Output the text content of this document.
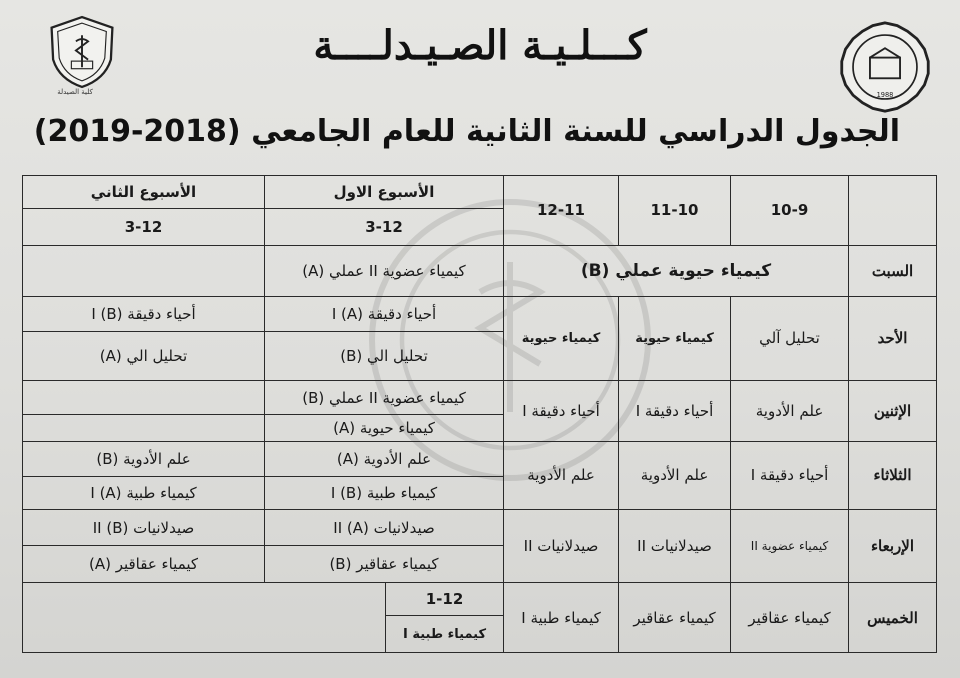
كلية الصيدلة	1988
كـــلـيـة الصـيـدلــــة
الجدول الدراسي للسنة الثانية للعام الجامعي (2018-2019)
	10-9	11-10	12-11	الأسبوع الاول		الأسبوع الثاني
				3-12		3-12
السبت	كيمياء حيوية عملي (B)			كيمياء عضوية II عملي (A)		
الأحد	تحليل آلي	كيمياء حيوية	كيمياء حيوية	أحياء دقيقة I (A)		أحياء دقيقة I (B)
				تحليل الي (B)		تحليل الي (A)
الإثنين	علم الأدوية	أحياء دقيقة I	أحياء دقيقة I	كيمياء عضوية II عملي (B)		
				كيمياء حيوية (A)		
الثلاثاء	أحياء دقيقة I	علم الأدوية	علم الأدوية	علم الأدوية (A)		علم الأدوية (B)
				كيمياء طبية I (B)		كيمياء طبية I (A)
الإربعاء	كيمياء عضوية II	صيدلانيات II	صيدلانيات II	صيدلانيات II (A)		صيدلانيات II (B)
				كيمياء عقاقير (B)		كيمياء عقاقير (A)
الخميس	كيمياء عقاقير	كيمياء عقاقير	كيمياء طبية I	1-12		
				كيمياء طبية I		
